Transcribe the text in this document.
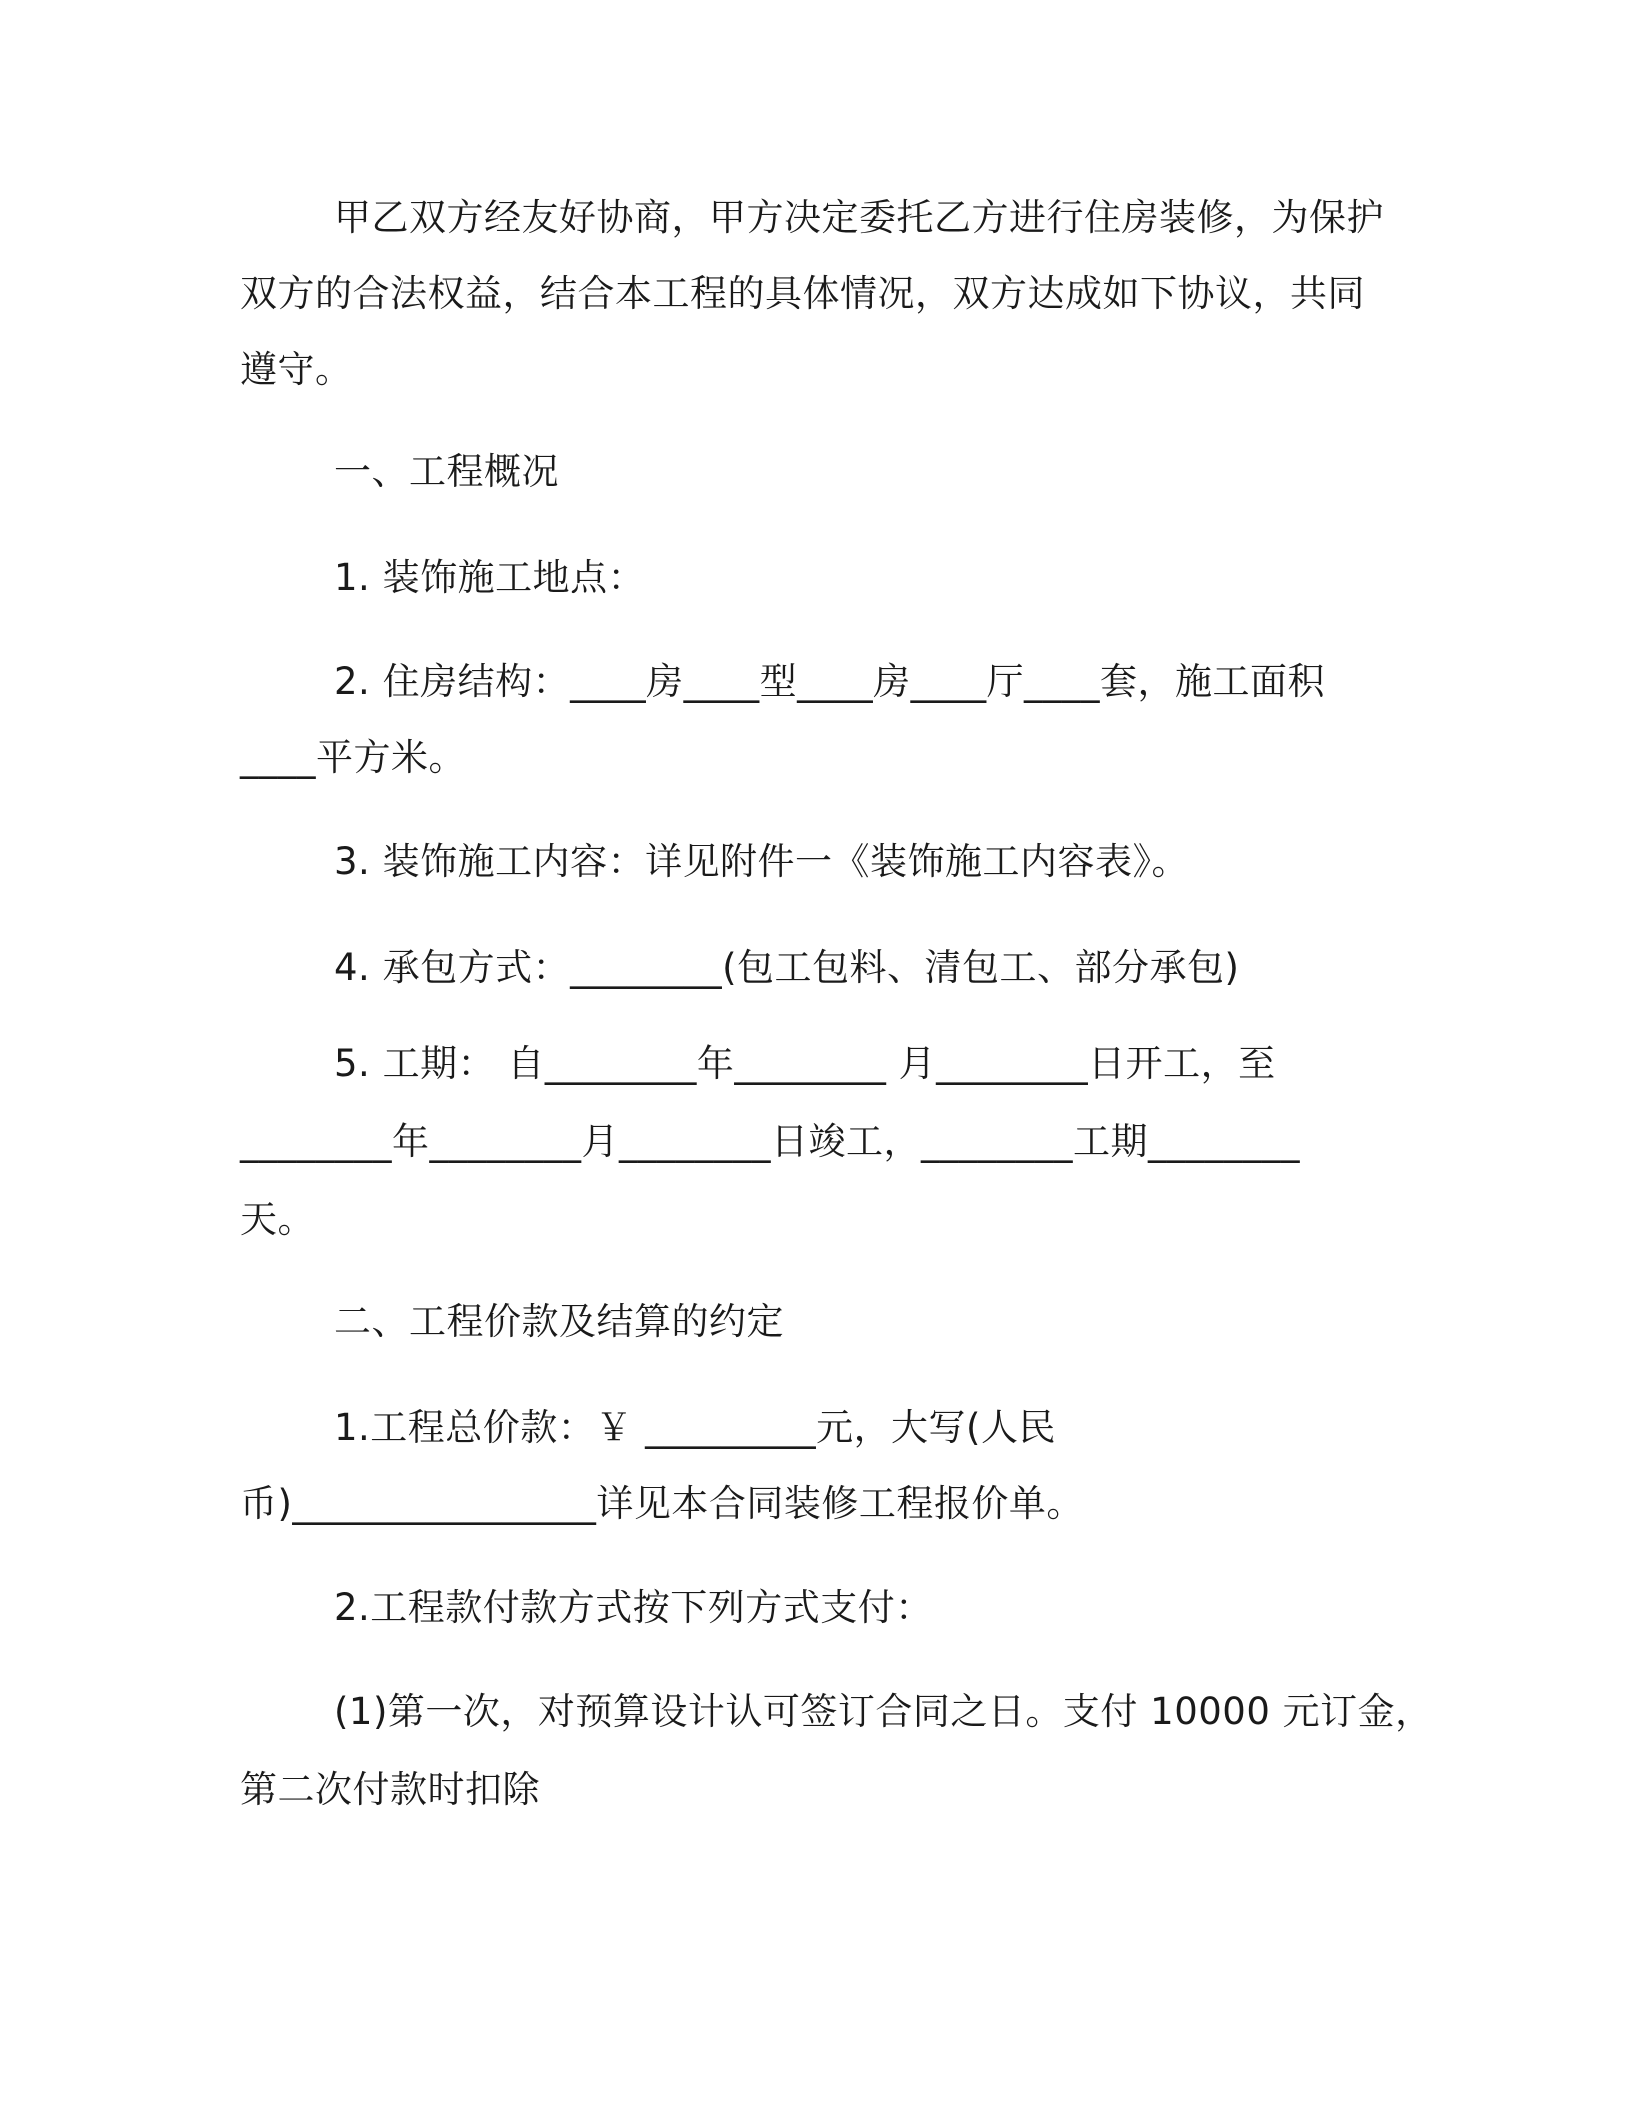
甲乙双方经友好协商，甲方决定委托乙方进行住房装修，为保护
双方的合法权益，结合本工程的具体情况，双方达成如下协议，共同
遵守。
一、工程概况
1. 装饰施工地点：
2. 住房结构：____房____型____房____厅____套，施工面积
____平方米。
3. 装饰施工内容：详见附件一《装饰施工内容表》。
4. 承包方式：________(包工包料、清包工、部分承包)
5. 工期： 自________年________ 月________日开工，至
________年________月________日竣工，________工期________
天。
二、工程价款及结算的约定
1.工程总价款：￥ _________元，大写(人民
币)________________详见本合同装修工程报价单。
2.工程款付款方式按下列方式支付：
(1)第一次，对预算设计认可签订合同之日。支付 10000 元订金，
第二次付款时扣除
